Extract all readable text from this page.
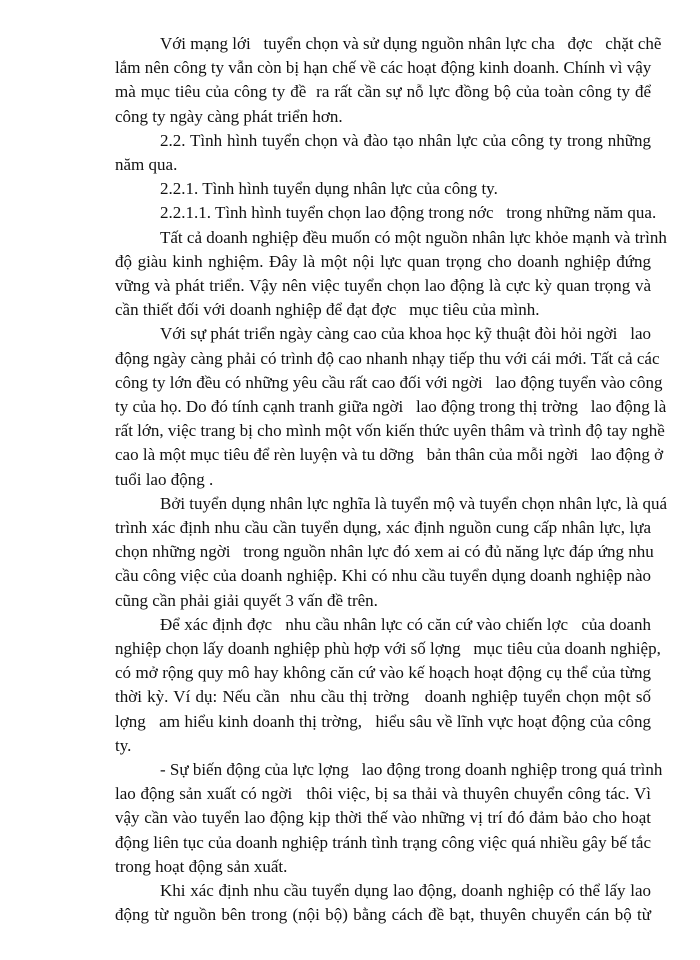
Với mạng lới   tuyển chọn và sử dụng nguồn nhân lực cha   đợc   chặt chẽ
lắm nên công ty vẫn còn bị hạn chế về các hoạt động kinh doanh. Chính vì vậy
mà mục tiêu của công ty đề  ra rất cần sự nỗ lực đồng bộ của toàn công ty để
công ty ngày càng phát triển hơn.
2.2. Tình hình tuyển chọn và đào tạo nhân lực của công ty trong những
năm qua.
2.2.1. Tình hình tuyển dụng nhân lực của công ty.
2.2.1.1. Tình hình tuyển chọn lao động trong nớc   trong những năm qua.
Tất cả doanh nghiệp đều muốn có một nguồn nhân lực khỏe mạnh và trình
độ giàu kinh nghiệm. Đây là một nội lực quan trọng cho doanh nghiệp đứng
vững và phát triển. Vậy nên việc tuyển chọn lao động là cực kỳ quan trọng và
cần thiết đối với doanh nghiệp để đạt đợc   mục tiêu của mình.
Với sự phát triển ngày càng cao của khoa học kỹ thuật đòi hỏi ngời   lao
động ngày càng phải có trình độ cao nhanh nhạy tiếp thu với cái mới. Tất cả các
công ty lớn đều có những yêu cầu rất cao đối với ngời   lao động tuyển vào công
ty của họ. Do đó tính cạnh tranh giữa ngời   lao động trong thị trờng   lao động là
rất lớn, việc trang bị cho mình một vốn kiến thức uyên thâm và trình độ tay nghề
cao là một mục tiêu để rèn luyện và tu dỡng   bản thân của mỗi ngời   lao động ở
tuổi lao động .
Bởi tuyển dụng nhân lực nghĩa là tuyển mộ và tuyển chọn nhân lực, là quá
trình xác định nhu cầu cần tuyển dụng, xác định nguồn cung cấp nhân lực, lựa
chọn những ngời   trong nguồn nhân lực đó xem ai có đủ năng lực đáp ứng nhu
cầu công việc của doanh nghiệp. Khi có nhu cầu tuyển dụng doanh nghiệp nào
cũng cần phải giải quyết 3 vấn đề trên.
Để xác định đợc   nhu cầu nhân lực có căn cứ vào chiến lợc   của doanh
nghiệp chọn lấy doanh nghiệp phù hợp với số lợng   mục tiêu của doanh nghiệp,
có mở rộng quy mô hay không căn cứ vào kế hoạch hoạt động cụ thể của từng
thời kỳ. Ví dụ: Nếu cần  nhu cầu thị trờng   doanh nghiệp tuyển chọn một số
lợng   am hiểu kinh doanh thị trờng,   hiểu sâu về lĩnh vực hoạt động của công
ty.
- Sự biến động của lực lợng   lao động trong doanh nghiệp trong quá trình
lao động sản xuất có ngời   thôi việc, bị sa thải và thuyên chuyển công tác. Vì
vậy cần vào tuyển lao động kịp thời thế vào những vị trí đó đảm bảo cho hoạt
động liên tục của doanh nghiệp tránh tình trạng công việc quá nhiều gây bế tắc
trong hoạt động sản xuất.
Khi xác định nhu cầu tuyển dụng lao động, doanh nghiệp có thể lấy lao
động từ nguồn bên trong (nội bộ) bằng cách đề bạt, thuyên chuyển cán bộ từ
